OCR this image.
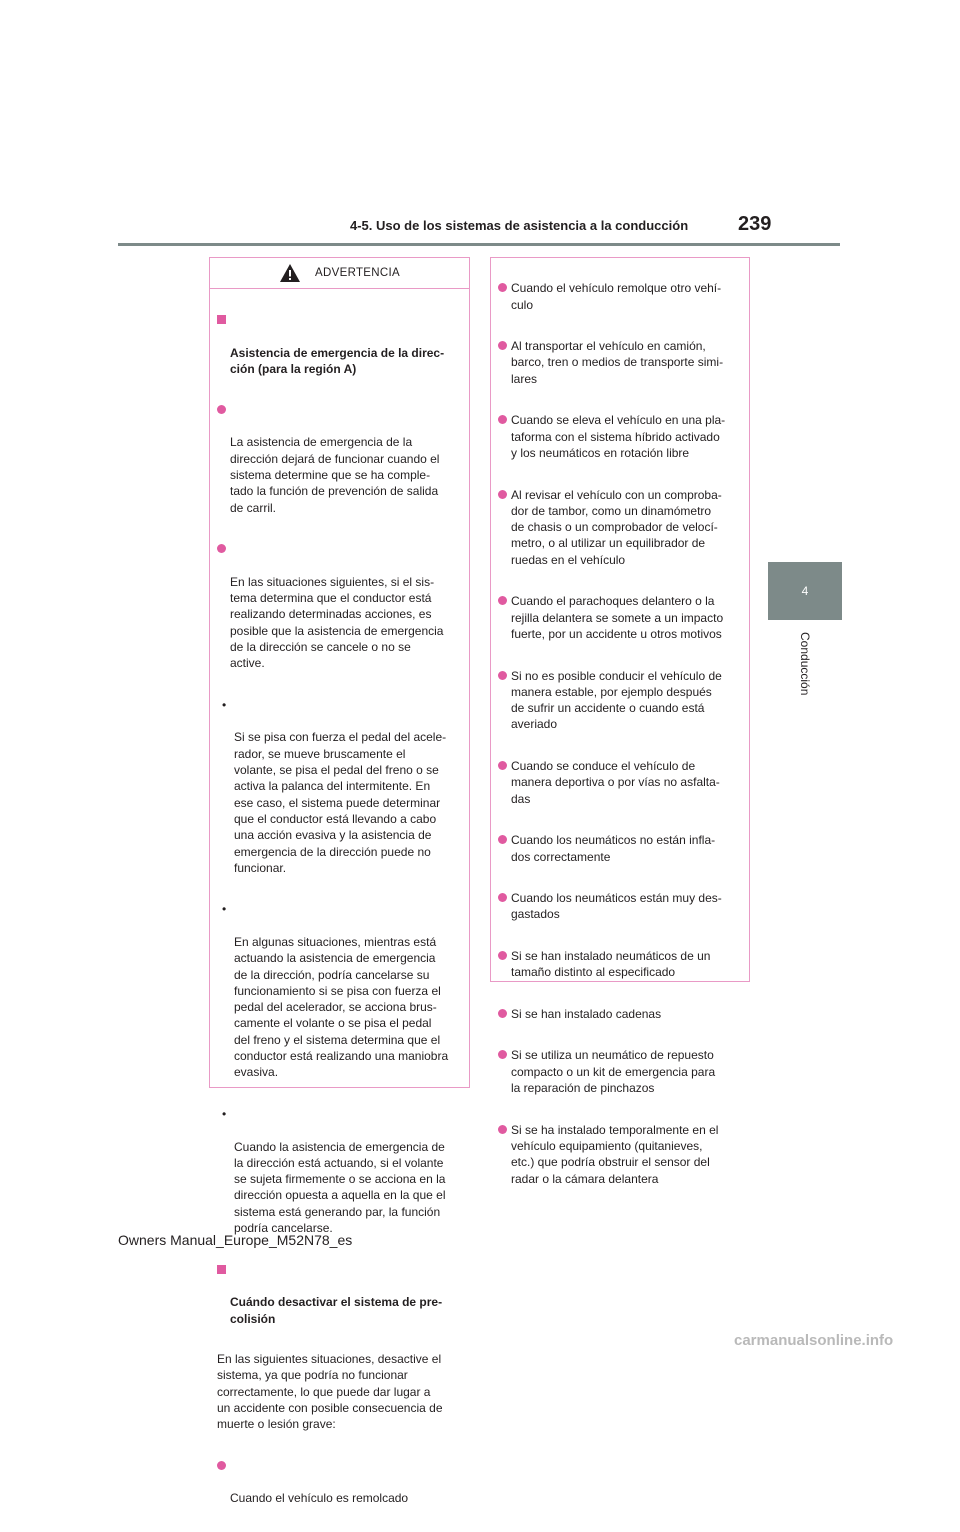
4-5. Uso de los sistemas de asistencia a la conducción 239
4
Conducción
ADVERTENCIA

Asistencia de emergencia de la direc-
ción (para la región A)

La asistencia de emergencia de la
dirección dejará de funcionar cuando el
sistema determine que se ha comple-
tado la función de prevención de salida
de carril.

En las situaciones siguientes, si el sis-
tema determina que el conductor está
realizando determinadas acciones, es
posible que la asistencia de emergencia
de la dirección se cancele o no se
active.

•

Si se pisa con fuerza el pedal del acele-
rador, se mueve bruscamente el
volante, se pisa el pedal del freno o se
activa la palanca del intermitente. En
ese caso, el sistema puede determinar
que el conductor está llevando a cabo
una acción evasiva y la asistencia de
emergencia de la dirección puede no
funcionar.

•

En algunas situaciones, mientras está
actuando la asistencia de emergencia
de la dirección, podría cancelarse su
funcionamiento si se pisa con fuerza el
pedal del acelerador, se acciona brus-
camente el volante o se pisa el pedal
del freno y el sistema determina que el
conductor está realizando una maniobra
evasiva.

•

Cuando la asistencia de emergencia de
la dirección está actuando, si el volante
se sujeta firmemente o se acciona en la
dirección opuesta a aquella en la que el
sistema está generando par, la función
podría cancelarse.

Cuándo desactivar el sistema de pre-
colisión

En las siguientes situaciones, desactive el
sistema, ya que podría no funcionar
correctamente, lo que puede dar lugar a
un accidente con posible consecuencia de
muerte o lesión grave:

Cuando el vehículo es remolcado

Cuando el vehículo remolque otro vehí-
culo

Al transportar el vehículo en camión,
barco, tren o medios de transporte simi-
lares

Cuando se eleva el vehículo en una pla-
taforma con el sistema híbrido activado
y los neumáticos en rotación libre

Al revisar el vehículo con un comproba-
dor de tambor, como un dinamómetro
de chasis o un comprobador de velocí-
metro, o al utilizar un equilibrador de
ruedas en el vehículo

Cuando el parachoques delantero o la
rejilla delantera se somete a un impacto
fuerte, por un accidente u otros motivos

Si no es posible conducir el vehículo de
manera estable, por ejemplo después
de sufrir un accidente o cuando está
averiado

Cuando se conduce el vehículo de
manera deportiva o por vías no asfalta-
das

Cuando los neumáticos no están infla-
dos correctamente

Cuando los neumáticos están muy des-
gastados

Si se han instalado neumáticos de un
tamaño distinto al especificado

Si se han instalado cadenas

Si se utiliza un neumático de repuesto
compacto o un kit de emergencia para
la reparación de pinchazos

Si se ha instalado temporalmente en el
vehículo equipamiento (quitanieves,
etc.) que podría obstruir el sensor del
radar o la cámara delantera

Owners Manual_Europe_M52N78_es
carmanualsonline.info
